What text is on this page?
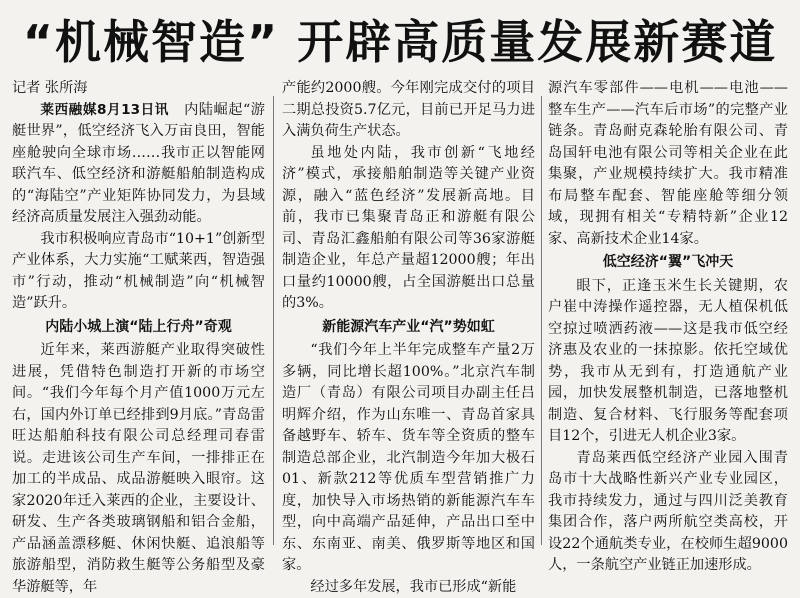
“机械智造” 开辟高质量发展新赛道

记者 张所海

莱西融媒8月13日讯 内陆崛起“游艇世界”，低空经济飞入万亩良田，智能座舱驶向全球市场……我市正以智能网联汽车、低空经济和游艇船舶制造构成的“海陆空”产业矩阵协同发力，为县域经济高质量发展注入强劲动能。

我市积极响应青岛市“10+1”创新型产业体系，大力实施“工赋莱西，智造强市”行动，推动“机械制造”向“机械智造”跃升。

内陆小城上演“陆上行舟”奇观

近年来，莱西游艇产业取得突破性进展，凭借特色制造打开新的市场空间。“我们今年每个月产值1000万元左右，国内外订单已经排到9月底。”青岛雷旺达船舶科技有限公司总经理司春雷说。走进该公司生产车间，一排排正在加工的半成品、成品游艇映入眼帘。这家2020年迁入莱西的企业，主要设计、研发、生产各类玻璃钢船和铝合金船，产品涵盖漂移艇、休闲快艇、追浪船等旅游船型，消防救生艇等公务船型及豪华游艇等，年

产能约2000艘。今年刚完成交付的项目二期总投资5.7亿元，目前已开足马力进入满负荷生产状态。

虽地处内陆，我市创新“飞地经济”模式，承接船舶制造等关键产业资源，融入“蓝色经济”发展新高地。目前，我市已集聚青岛正和游艇有限公司、青岛汇鑫船舶有限公司等36家游艇制造企业，年总产量超12000艘；年出口量约10000艘，占全国游艇出口总量的3%。

新能源汽车产业“汽”势如虹

“我们今年上半年完成整车产量2万多辆，同比增长超100%。”北京汽车制造厂（青岛）有限公司项目办副主任吕明辉介绍，作为山东唯一、青岛首家具备越野车、轿车、货车等全资质的整车制造总部企业，北汽制造今年加大极石01、新款212等优质车型营销推广力度，加快导入市场热销的新能源汽车车型，向中高端产品延伸，产品出口至中东、东南亚、南美、俄罗斯等地区和国家。

经过多年发展，我市已形成“新能

源汽车零部件——电机——电池——整车生产——汽车后市场”的完整产业链条。青岛耐克森轮胎有限公司、青岛国轩电池有限公司等相关企业在此集聚，产业规模持续扩大。我市精准布局整车配套、智能座舱等细分领域，现拥有相关“专精特新”企业12家、高新技术企业14家。

低空经济“翼”飞冲天

眼下，正逢玉米生长关键期，农户崔中涛操作遥控器，无人植保机低空掠过喷洒药液——这是我市低空经济惠及农业的一抹掠影。依托空域优势，我市从无到有，打造通航产业园，加快发展整机制造，已落地整机制造、复合材料、飞行服务等配套项目12个，引进无人机企业3家。

青岛莱西低空经济产业园入围青岛市十大战略性新兴产业专业园区，我市持续发力，通过与四川泛美教育集团合作，落户两所航空类高校，开设22个通航类专业，在校师生超9000人，一条航空产业链正加速形成。
